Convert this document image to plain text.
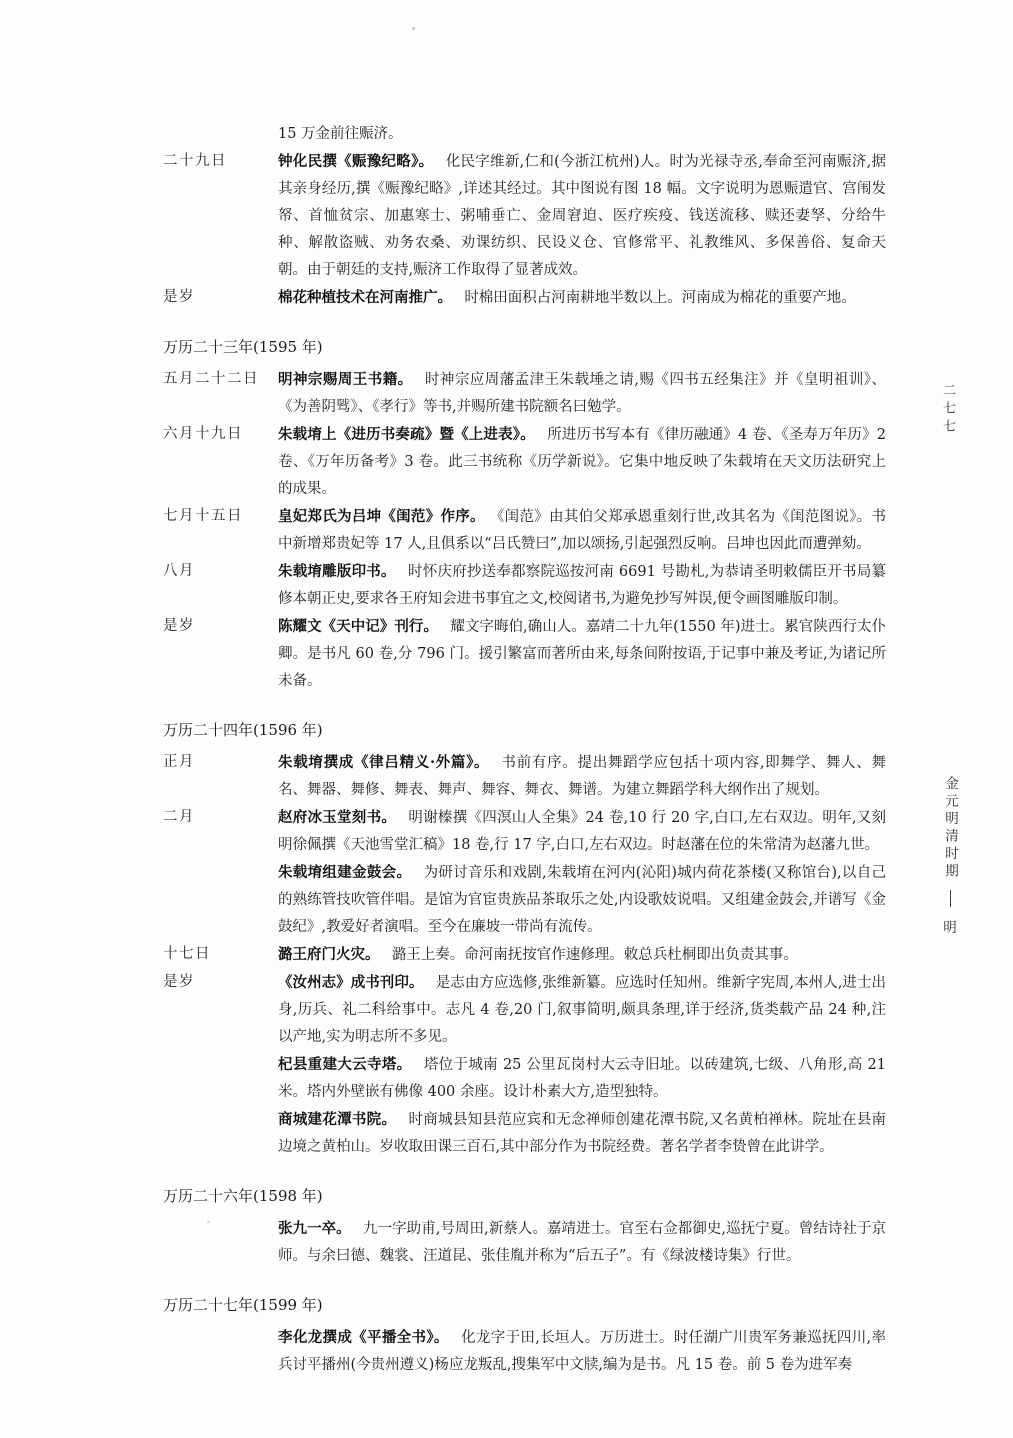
15 万金前往赈济。
二十九日	钟化民撰《赈豫纪略》。 化民字维新,仁和(今浙江杭州)人。时为光禄寺丞,奉命至河南赈济,据其亲身经历,撰《赈豫纪略》,详述其经过。其中图说有图 18 幅。文字说明为恩赈遣官、宫闱发帑、首恤贫宗、加惠寒士、粥哺垂亡、金周窘迫、医疗疾疫、钱送流移、赎还妻孥、分给牛种、解散盗贼、劝务农桑、劝课纺织、民设义仓、官修常平、礼教维风、多保善俗、复命天朝。由于朝廷的支持,赈济工作取得了显著成效。
是岁	棉花种植技术在河南推广。 时棉田面积占河南耕地半数以上。河南成为棉花的重要产地。
万历二十三年(1595 年)
五月二十二日	明神宗赐周王书籍。 时神宗应周藩孟津王朱载埵之请,赐《四书五经集注》并《皇明祖训》、《为善阴骘》、《孝行》等书,并赐所建书院额名曰勉学。
六月十九日	朱载堉上《进历书奏疏》暨《上进表》。 所进历书写本有《律历融通》4 卷、《圣寿万年历》2 卷、《万年历备考》3 卷。此三书统称《历学新说》。它集中地反映了朱载堉在天文历法研究上的成果。
七月十五日	皇妃郑氏为吕坤《闺范》作序。 《闺范》由其伯父郑承恩重刻行世,改其名为《闺范图说》。书中新增郑贵妃等 17 人,且俱系以“吕氏赞曰”,加以颂扬,引起强烈反响。吕坤也因此而遭弹劾。
八月	朱载堉雕版印书。 时怀庆府抄送奉都察院巡按河南 6691 号勘札,为恭请圣明敕儒臣开书局纂修本朝正史,要求各王府知会进书事宜之文,校阅诸书,为避免抄写舛误,便令画图雕版印制。
是岁	陈耀文《天中记》刊行。 耀文字晦伯,确山人。嘉靖二十九年(1550 年)进士。累官陕西行太仆卿。是书凡 60 卷,分 796 门。援引繁富而著所由来,每条间附按语,于记事中兼及考证,为诸记所未备。
万历二十四年(1596 年)
正月	朱载堉撰成《律吕精义·外篇》。 书前有序。提出舞蹈学应包括十项内容,即舞学、舞人、舞名、舞器、舞修、舞表、舞声、舞容、舞衣、舞谱。为建立舞蹈学科大纲作出了规划。
二月	赵府冰玉堂刻书。 明谢榛撰《四溟山人全集》24 卷,10 行 20 字,白口,左右双边。明年,又刻明徐佩撰《天池雪堂汇稿》18 卷,行 17 字,白口,左右双边。时赵藩在位的朱常清为赵藩九世。
朱载堉组建金鼓会。 为研讨音乐和戏剧,朱载堉在河内(沁阳)城内荷花茶楼(又称馆台),以自己的熟练管技吹管伴唱。是馆为官宦贵族品茶取乐之处,内设歌妓说唱。又组建金鼓会,并谱写《金鼓纪》,教爱好者演唱。至今在廉坡一带尚有流传。
十七日	潞王府门火灾。 潞王上奏。命河南抚按官作速修理。敕总兵杜桐即出负责其事。
是岁	《汝州志》成书刊印。 是志由方应选修,张维新纂。应选时任知州。维新字宪周,本州人,进士出身,历兵、礼二科给事中。志凡 4 卷,20 门,叙事简明,颇具条理,详于经济,货类载产品 24 种,注以产地,实为明志所不多见。
杞县重建大云寺塔。 塔位于城南 25 公里瓦岗村大云寺旧址。以砖建筑,七级、八角形,高 21 米。塔内外壁嵌有佛像 400 余座。设计朴素大方,造型独特。
商城建花潭书院。 时商城县知县范应宾和无念禅师创建花潭书院,又名黄柏禅林。院址在县南边境之黄柏山。岁收取田课三百石,其中部分作为书院经费。著名学者李贽曾在此讲学。
万历二十六年(1598 年)
张九一卒。 九一字助甫,号周田,新蔡人。嘉靖进士。官至右佥都御史,巡抚宁夏。曾结诗社于京师。与余曰德、魏裳、汪道昆、张佳胤并称为“后五子”。有《绿波楼诗集》行世。
万历二十七年(1599 年)
李化龙撰成《平播全书》。 化龙字于田,长垣人。万历进士。时任湖广川贵军务兼巡抚四川,率兵讨平播州(今贵州遵义)杨应龙叛乱,搜集军中文牍,编为是书。凡 15 卷。前 5 卷为进军奏
二七七
金元明清时期
明
